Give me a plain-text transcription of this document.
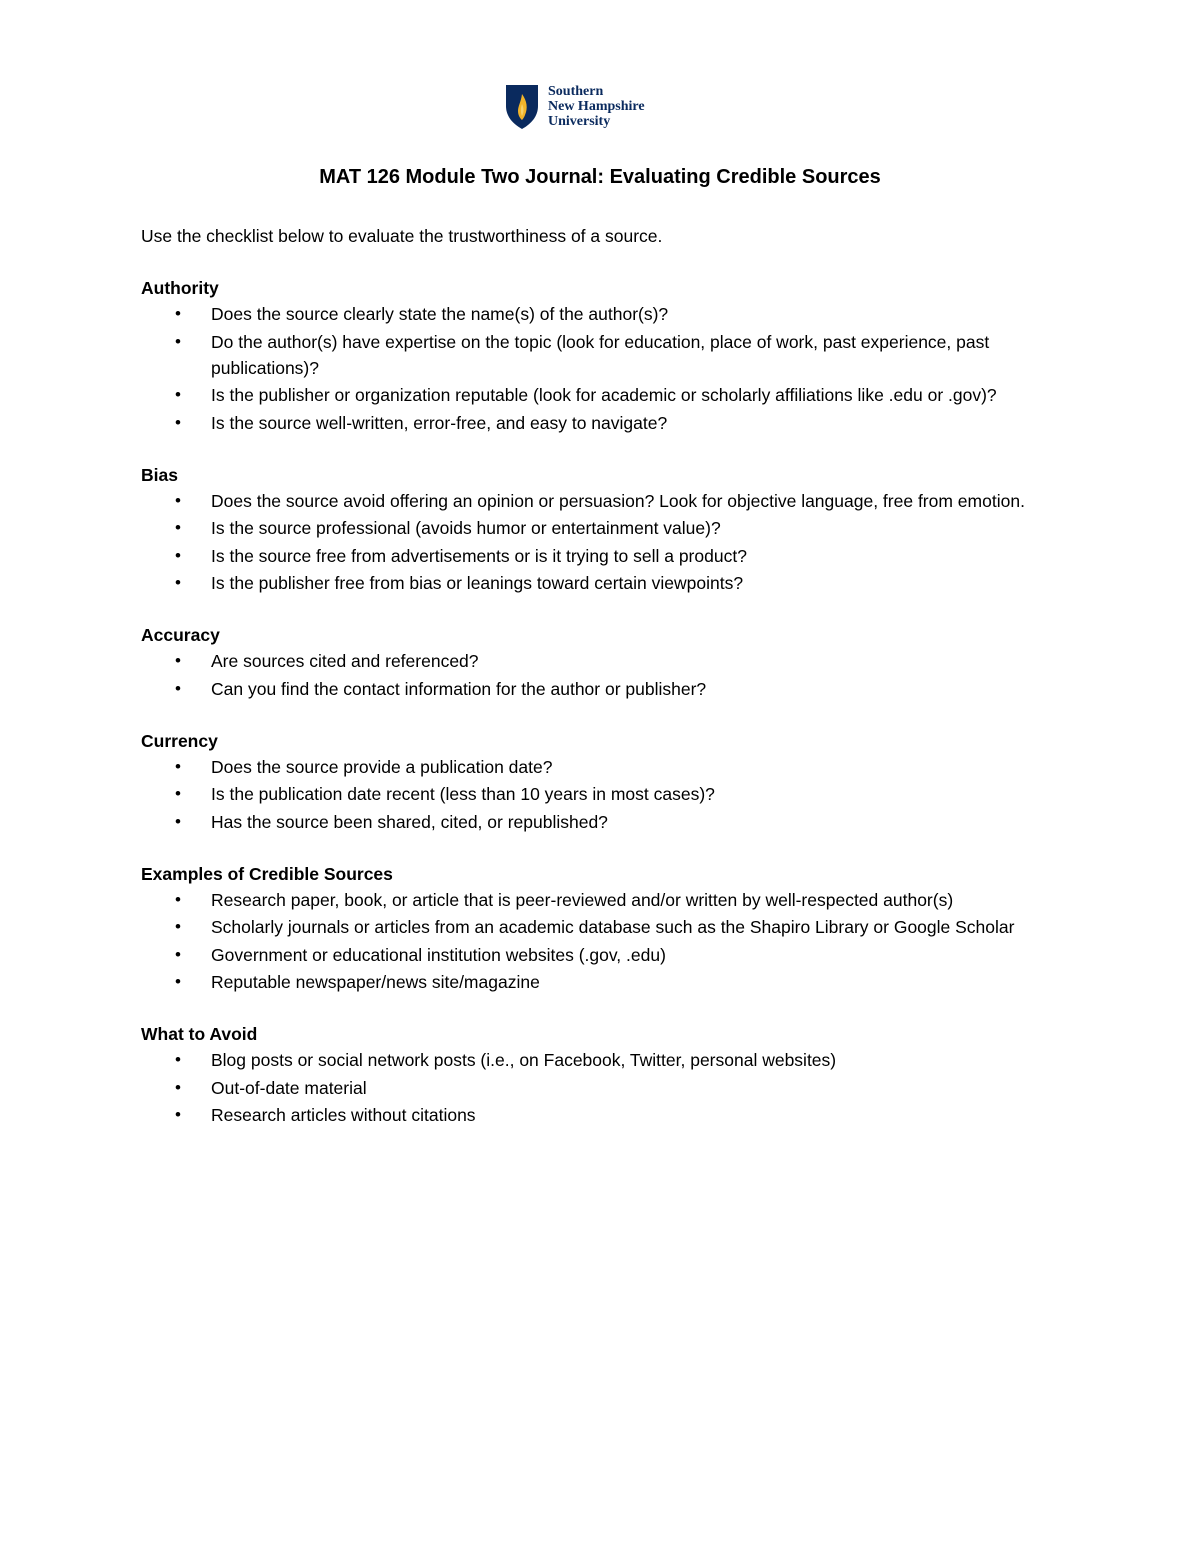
Southern
New Hampshire
University
MAT 126 Module Two Journal: Evaluating Credible Sources
Use the checklist below to evaluate the trustworthiness of a source.
Authority
• Does the source clearly state the name(s) of the author(s)?
• Do the author(s) have expertise on the topic (look for education, place of work, past experience, past publications)?
• Is the publisher or organization reputable (look for academic or scholarly affiliations like .edu or .gov)?
• Is the source well-written, error-free, and easy to navigate?
Bias
• Does the source avoid offering an opinion or persuasion? Look for objective language, free from emotion.
• Is the source professional (avoids humor or entertainment value)?
• Is the source free from advertisements or is it trying to sell a product?
• Is the publisher free from bias or leanings toward certain viewpoints?
Accuracy
• Are sources cited and referenced?
• Can you find the contact information for the author or publisher?
Currency
• Does the source provide a publication date?
• Is the publication date recent (less than 10 years in most cases)?
• Has the source been shared, cited, or republished?
Examples of Credible Sources
• Research paper, book, or article that is peer-reviewed and/or written by well-respected author(s)
• Scholarly journals or articles from an academic database such as the Shapiro Library or Google Scholar
• Government or educational institution websites (.gov, .edu)
• Reputable newspaper/news site/magazine
What to Avoid
• Blog posts or social network posts (i.e., on Facebook, Twitter, personal websites)
• Out-of-date material
• Research articles without citations
